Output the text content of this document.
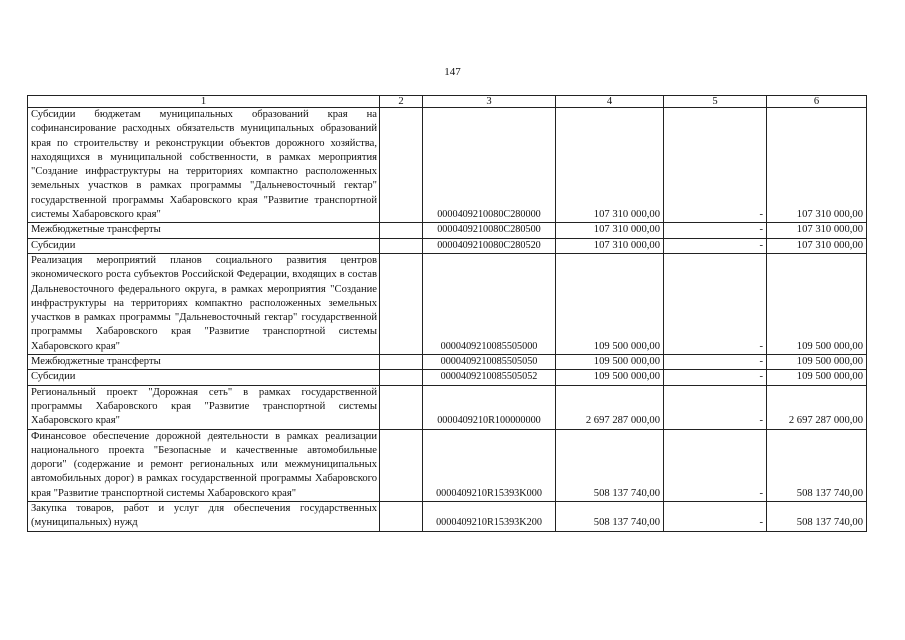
147
1	2	3	4	5	6
Субсидии бюджетам муниципальных образований края на софинансирование расходных обязательств муниципальных образований края по строительству и реконструкции объектов дорожного хозяйства, находящихся в муниципальной собственности, в рамках мероприятия "Создание инфраструктуры на территориях компактно расположенных земельных участков в рамках программы "Дальневосточный гектар" государственной программы Хабаровского края "Развитие транспортной системы Хабаровского края"		0000409210080C280000	107 310 000,00	-	107 310 000,00
Межбюджетные трансферты		0000409210080C280500	107 310 000,00	-	107 310 000,00
Субсидии		0000409210080C280520	107 310 000,00	-	107 310 000,00
Реализация мероприятий планов социального развития центров экономического роста субъектов Российской Федерации, входящих в состав Дальневосточного федерального округа, в рамках мероприятия "Создание инфраструктуры на территориях компактно расположенных земельных участков в рамках программы "Дальневосточный гектар" государственной программы Хабаровского края "Развитие транспортной системы Хабаровского края"		0000409210085505000	109 500 000,00	-	109 500 000,00
Межбюджетные трансферты		0000409210085505050	109 500 000,00	-	109 500 000,00
Субсидии		0000409210085505052	109 500 000,00	-	109 500 000,00
Региональный проект "Дорожная сеть" в рамках государственной программы Хабаровского края "Развитие транспортной системы Хабаровского края"		0000409210R100000000	2 697 287 000,00	-	2 697 287 000,00
Финансовое обеспечение дорожной деятельности в рамках реализации национального проекта "Безопасные и качественные автомобильные дороги" (содержание и ремонт региональных или межмуниципальных автомобильных дорог) в рамках государственной программы Хабаровского края "Развитие транспортной системы Хабаровского края"		0000409210R15393K000	508 137 740,00	-	508 137 740,00
Закупка товаров, работ и услуг для обеспечения государственных (муниципальных) нужд		0000409210R15393K200	508 137 740,00	-	508 137 740,00
